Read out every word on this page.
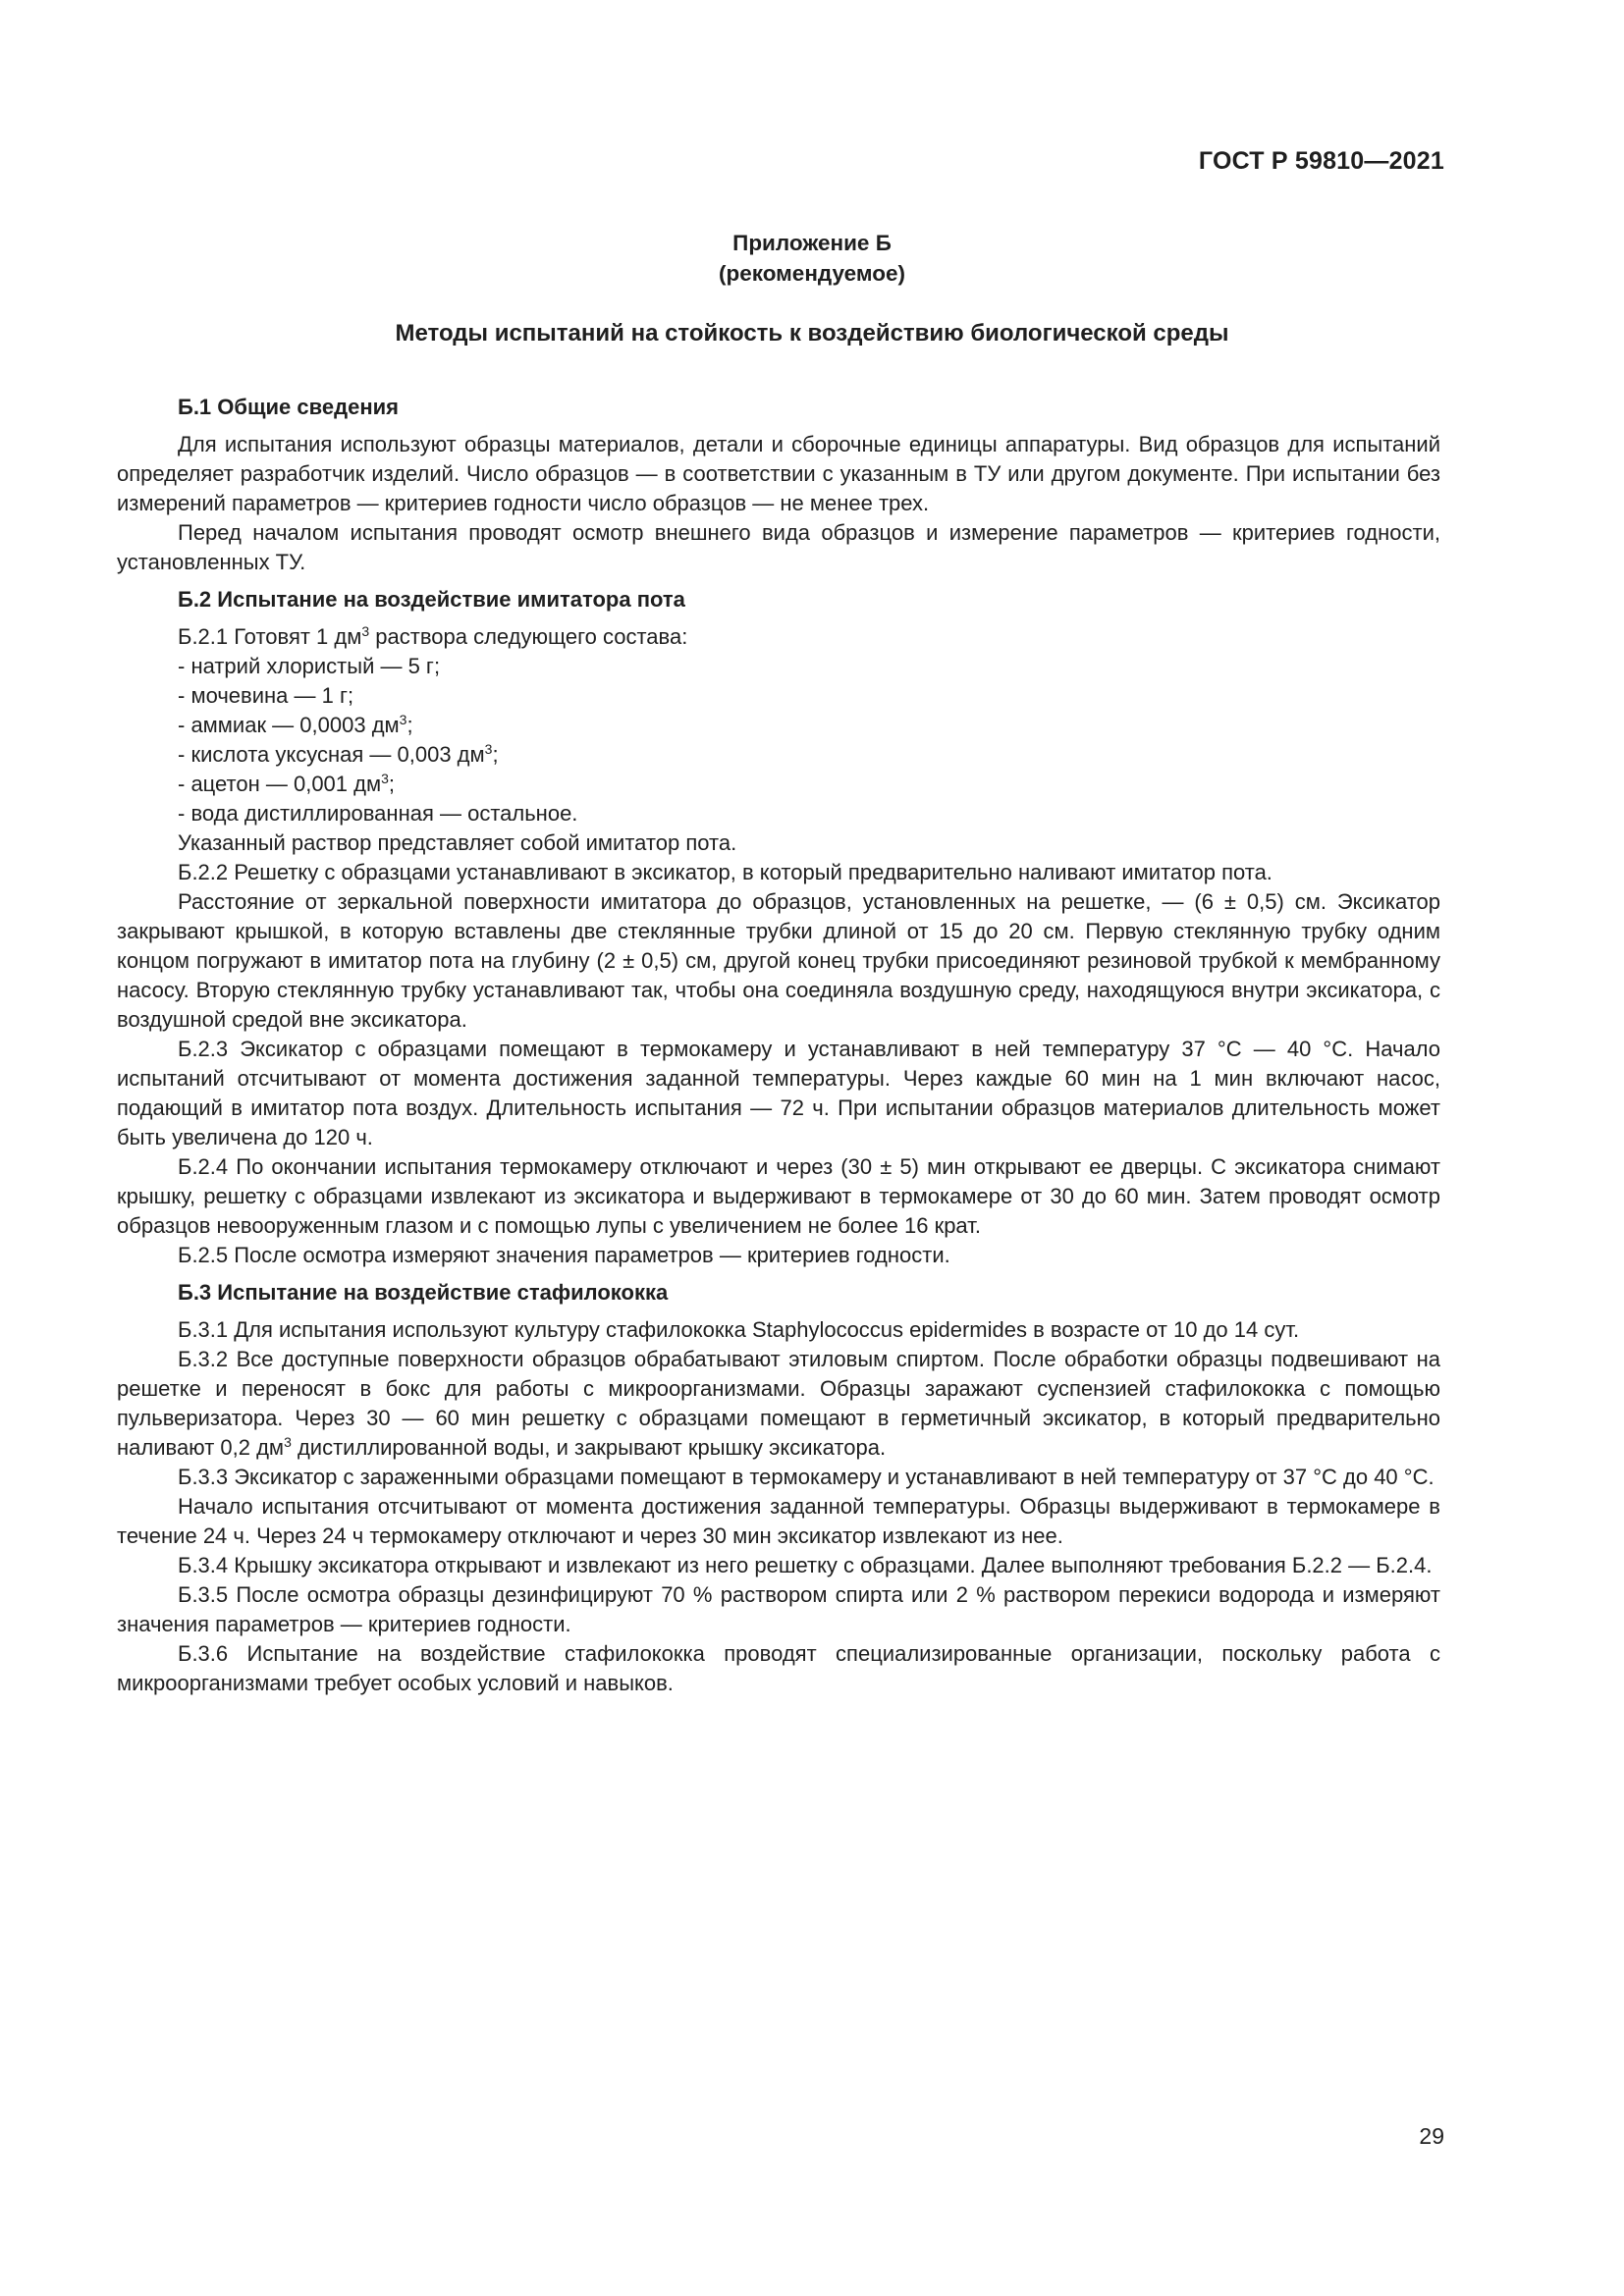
ГОСТ Р 59810—2021
Приложение Б
(рекомендуемое)
Методы испытаний на стойкость к воздействию биологической среды
Б.1 Общие сведения

Для испытания используют образцы материалов, детали и сборочные единицы аппаратуры. Вид образцов для испытаний определяет разработчик изделий. Число образцов — в соответствии с указанным в ТУ или другом документе. При испытании без измерений параметров — критериев годности число образцов — не менее трех.

Перед началом испытания проводят осмотр внешнего вида образцов и измерение параметров — критериев годности, установленных ТУ.

Б.2 Испытание на воздействие имитатора пота

Б.2.1 Готовят 1 $дм^3$ раствора следующего состава:

- натрий хлористый — 5 г;

- мочевина — 1 г;

- аммиак — 0,0003 $дм^3$;

- кислота уксусная — 0,003 $дм^3$;

- ацетон — 0,001 $дм^3$;

- вода дистиллированная — остальное.

Указанный раствор представляет собой имитатор пота.

Б.2.2 Решетку с образцами устанавливают в эксикатор, в который предварительно наливают имитатор пота.

Расстояние от зеркальной поверхности имитатора до образцов, установленных на решетке, — (6 ± 0,5) см. Эксикатор закрывают крышкой, в которую вставлены две стеклянные трубки длиной от 15 до 20 см. Первую стеклянную трубку одним концом погружают в имитатор пота на глубину (2 ± 0,5) см, другой конец трубки присоединяют резиновой трубкой к мембранному насосу. Вторую стеклянную трубку устанавливают так, чтобы она соединяла воздушную среду, находящуюся внутри эксикатора, с воздушной средой вне эксикатора.

Б.2.3 Эксикатор с образцами помещают в термокамеру и устанавливают в ней температуру 37 °С — 40 °С. Начало испытаний отсчитывают от момента достижения заданной температуры. Через каждые 60 мин на 1 мин включают насос, подающий в имитатор пота воздух. Длительность испытания — 72 ч. При испытании образцов материалов длительность может быть увеличена до 120 ч.

Б.2.4 По окончании испытания термокамеру отключают и через (30 ± 5) мин открывают ее дверцы. С эксикатора снимают крышку, решетку с образцами извлекают из эксикатора и выдерживают в термокамере от 30 до 60 мин. Затем проводят осмотр образцов невооруженным глазом и с помощью лупы с увеличением не более 16 крат.

Б.2.5 После осмотра измеряют значения параметров — критериев годности.

Б.3 Испытание на воздействие стафилококка

Б.3.1 Для испытания используют культуру стафилококка Staphylococcus epidermides в возрасте от 10 до 14 сут.

Б.3.2 Все доступные поверхности образцов обрабатывают этиловым спиртом. После обработки образцы подвешивают на решетке и переносят в бокс для работы с микроорганизмами. Образцы заражают суспензией стафилококка с помощью пульверизатора. Через 30 — 60 мин решетку с образцами помещают в герметичный эксикатор, в который предварительно наливают 0,2 $дм^3$ дистиллированной воды, и закрывают крышку эксикатора.

Б.3.3 Эксикатор с зараженными образцами помещают в термокамеру и устанавливают в ней температуру от 37 °С до 40 °С.

Начало испытания отсчитывают от момента достижения заданной температуры. Образцы выдерживают в термокамере в течение 24 ч. Через 24 ч термокамеру отключают и через 30 мин эксикатор извлекают из нее.

Б.3.4 Крышку эксикатора открывают и извлекают из него решетку с образцами. Далее выполняют требования Б.2.2 — Б.2.4.

Б.3.5 После осмотра образцы дезинфицируют 70 % раствором спирта или 2 % раствором перекиси водорода и измеряют значения параметров — критериев годности.

Б.3.6 Испытание на воздействие стафилококка проводят специализированные организации, поскольку работа с микроорганизмами требует особых условий и навыков.

29
